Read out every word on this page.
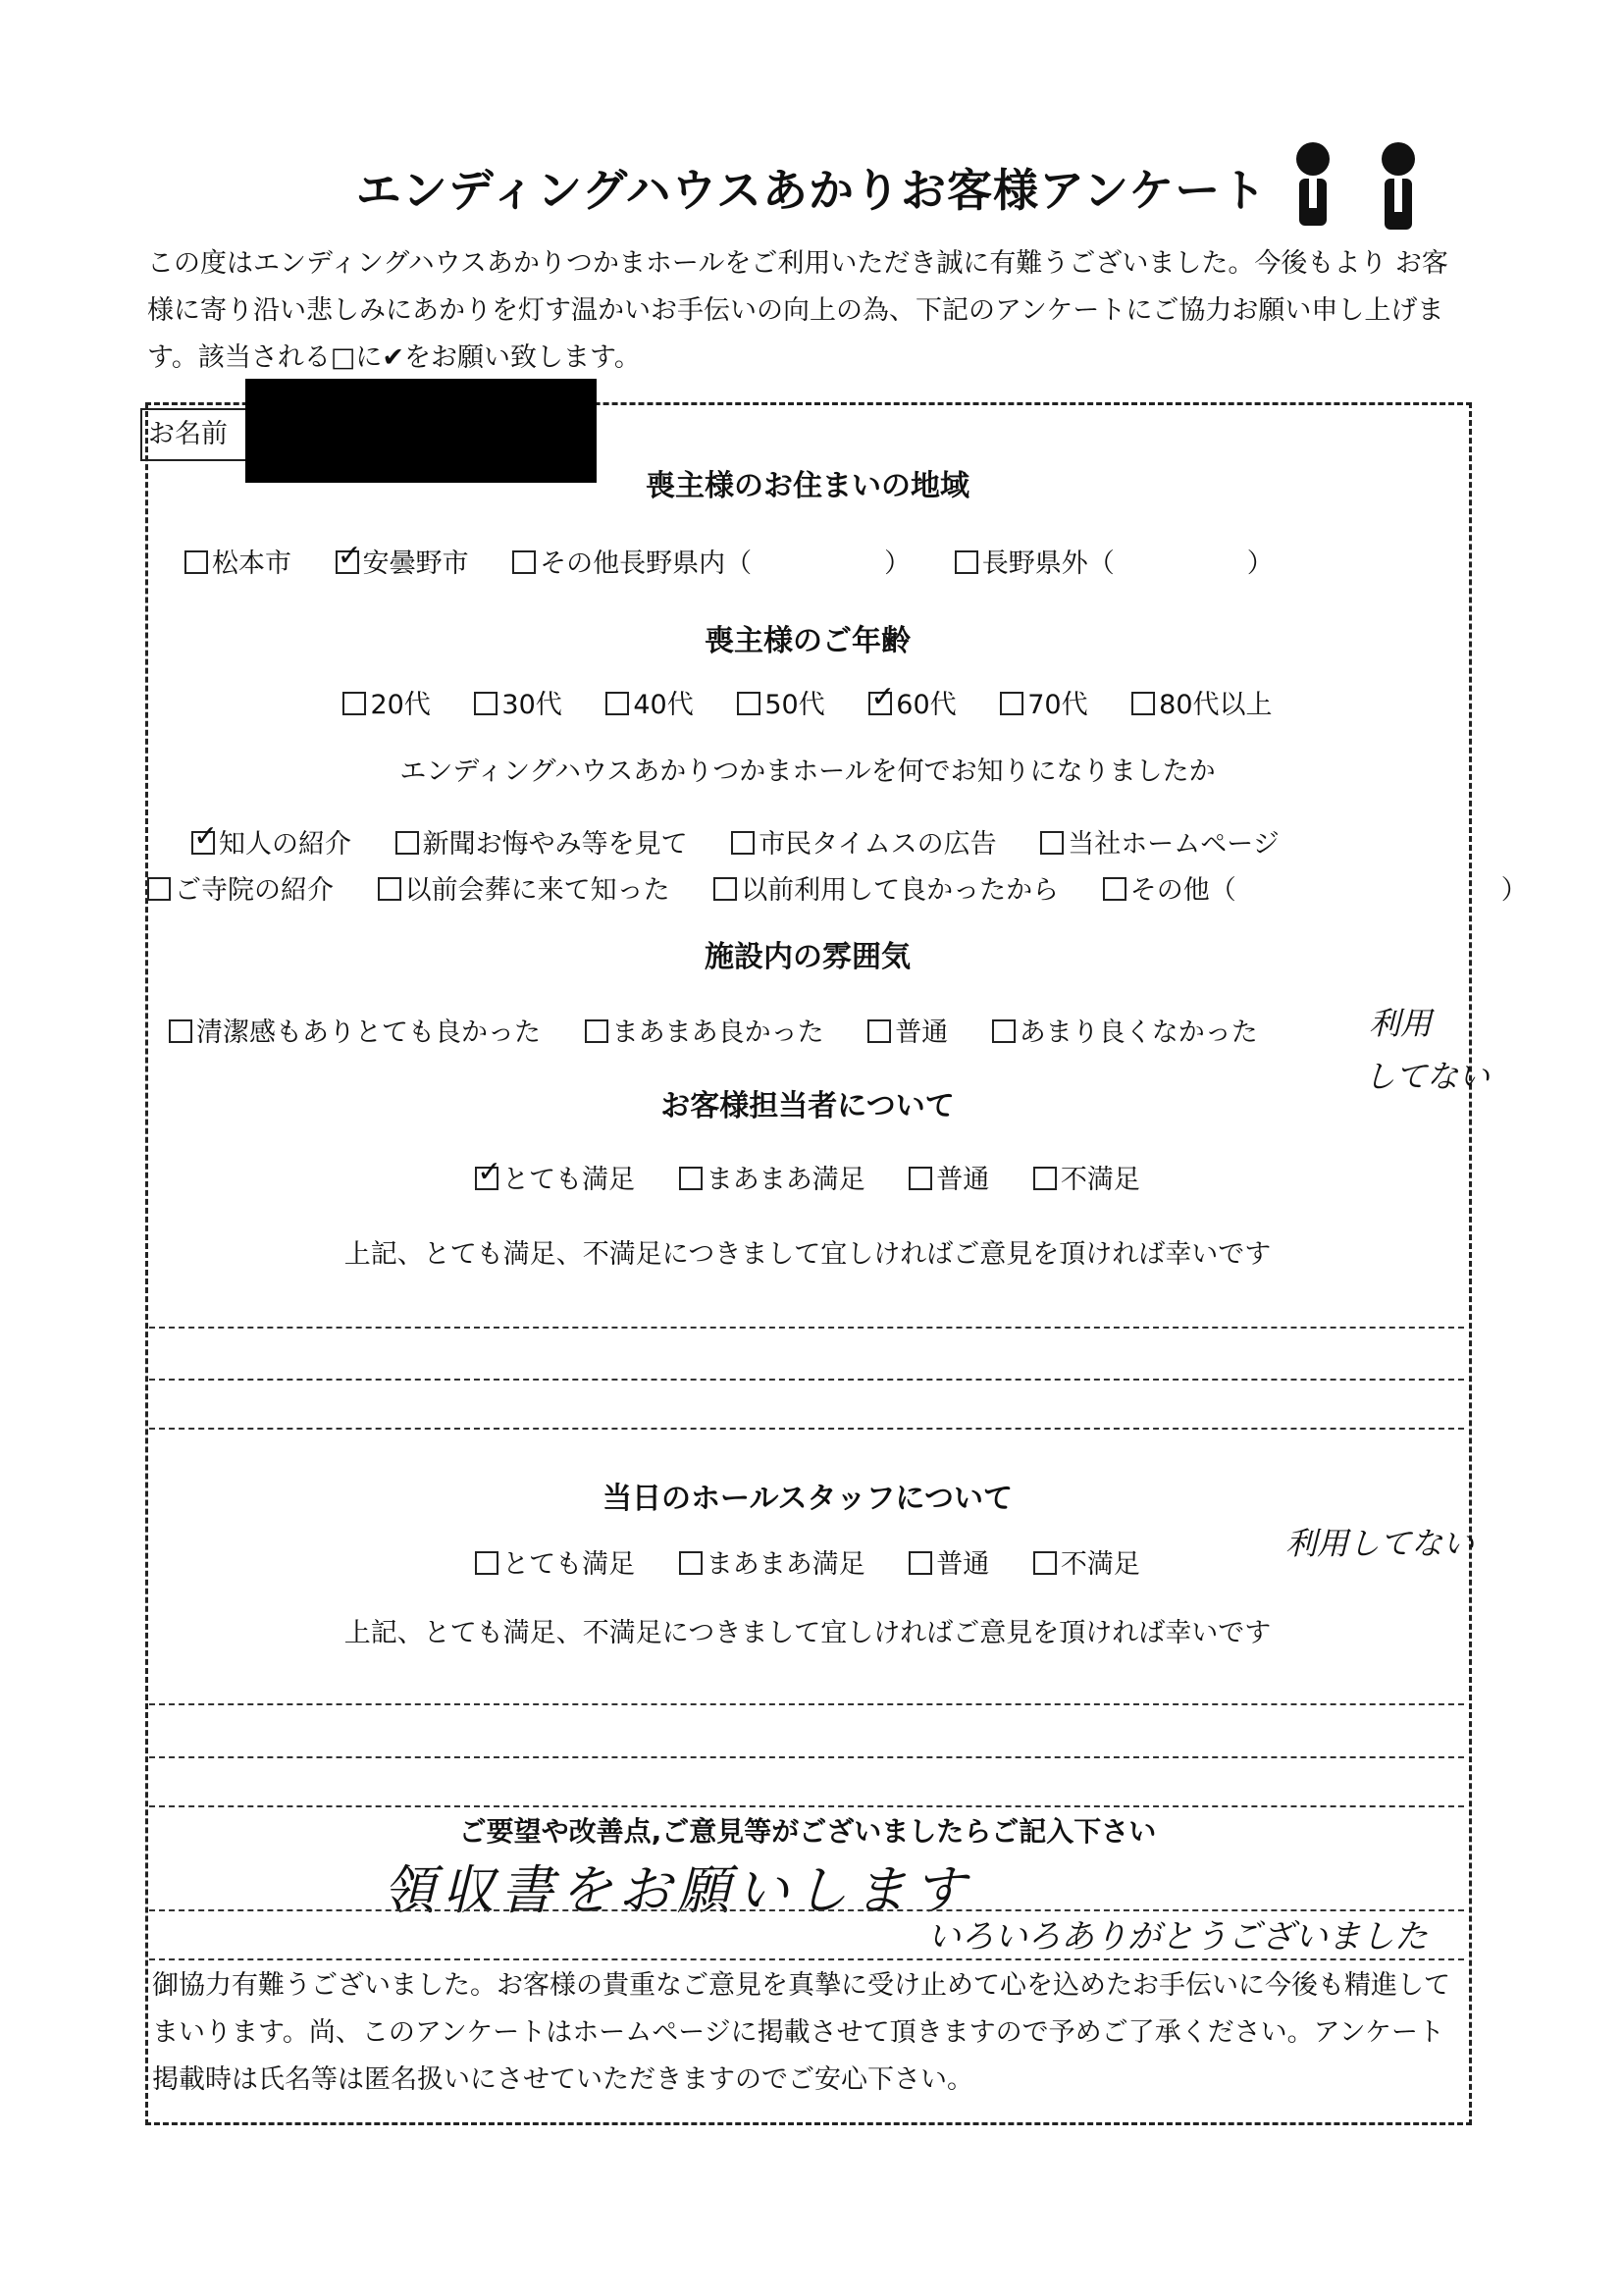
エンディングハウスあかりお客様アンケート
この度はエンディングハウスあかりつかまホールをご利用いただき誠に有難うございました。今後もより お客様に寄り沿い悲しみにあかりを灯す温かいお手伝いの向上の為、下記のアンケートにご協力お願い申し上げます。該当される□に✔をお願い致します。
お名前
喪主様のお住まいの地域
松本市 ✓	安曇野市	その他長野県内（　　　　　）	長野県外（　　　　　）
喪主様のご年齢
20代	30代	40代	50代 ✓	60代	70代	80代以上
エンディングハウスあかりつかまホールを何でお知りになりましたか
✓知人の紹介	新聞お悔やみ等を見て	市民タイムスの広告	当社ホームページ
ご寺院の紹介	以前会葬に来て知った	以前利用して良かったから	その他（　　　　　　　　　　）
施設内の雰囲気
清潔感もありとても良かった	まあまあ良かった	普通	あまり良くなかった	利用
してない
お客様担当者について
✓とても満足	まあまあ満足	普通	不満足
上記、とても満足、不満足につきまして宜しければご意見を頂ければ幸いです
当日のホールスタッフについて
とても満足	まあまあ満足	普通	不満足
利用してない
上記、とても満足、不満足につきまして宜しければご意見を頂ければ幸いです
ご要望や改善点,ご意見等がございましたらご記入下さい
領収書をお願いします
いろいろありがとうございました
御協力有難うございました。お客様の貴重なご意見を真摯に受け止めて心を込めたお手伝いに今後も精進してまいります。尚、このアンケートはホームページに掲載させて頂きますので予めご了承ください。アンケート掲載時は氏名等は匿名扱いにさせていただきますのでご安心下さい。
